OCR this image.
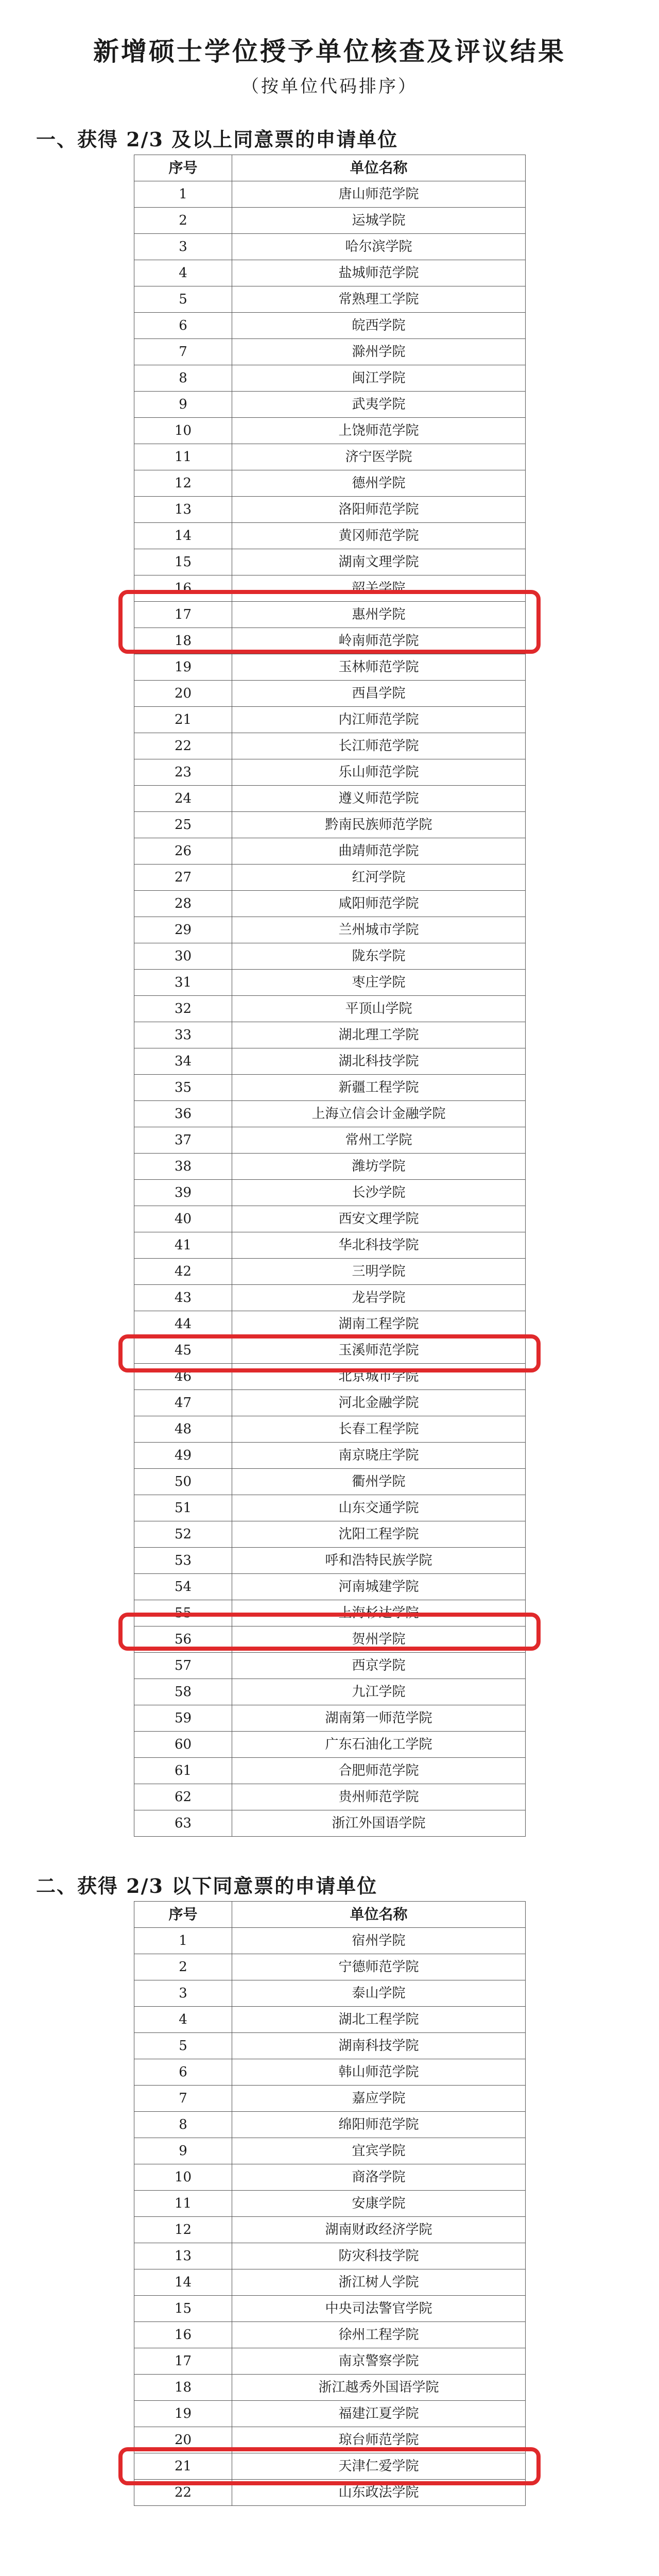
新增硕士学位授予单位核查及评议结果
（按单位代码排序）
一、获得 2/3 及以上同意票的申请单位
序号	单位名称
1	唐山师范学院
2	运城学院
3	哈尔滨学院
4	盐城师范学院
5	常熟理工学院
6	皖西学院
7	滁州学院
8	闽江学院
9	武夷学院
10	上饶师范学院
11	济宁医学院
12	德州学院
13	洛阳师范学院
14	黄冈师范学院
15	湖南文理学院
16	韶关学院
17	惠州学院
18	岭南师范学院
19	玉林师范学院
20	西昌学院
21	内江师范学院
22	长江师范学院
23	乐山师范学院
24	遵义师范学院
25	黔南民族师范学院
26	曲靖师范学院
27	红河学院
28	咸阳师范学院
29	兰州城市学院
30	陇东学院
31	枣庄学院
32	平顶山学院
33	湖北理工学院
34	湖北科技学院
35	新疆工程学院
36	上海立信会计金融学院
37	常州工学院
38	潍坊学院
39	长沙学院
40	西安文理学院
41	华北科技学院
42	三明学院
43	龙岩学院
44	湖南工程学院
45	玉溪师范学院
46	北京城市学院
47	河北金融学院
48	长春工程学院
49	南京晓庄学院
50	衢州学院
51	山东交通学院
52	沈阳工程学院
53	呼和浩特民族学院
54	河南城建学院
55	上海杉达学院
56	贺州学院
57	西京学院
58	九江学院
59	湖南第一师范学院
60	广东石油化工学院
61	合肥师范学院
62	贵州师范学院
63	浙江外国语学院
二、获得 2/3 以下同意票的申请单位
序号	单位名称
1	宿州学院
2	宁德师范学院
3	泰山学院
4	湖北工程学院
5	湖南科技学院
6	韩山师范学院
7	嘉应学院
8	绵阳师范学院
9	宜宾学院
10	商洛学院
11	安康学院
12	湖南财政经济学院
13	防灾科技学院
14	浙江树人学院
15	中央司法警官学院
16	徐州工程学院
17	南京警察学院
18	浙江越秀外国语学院
19	福建江夏学院
20	琼台师范学院
21	天津仁爱学院
22	山东政法学院
